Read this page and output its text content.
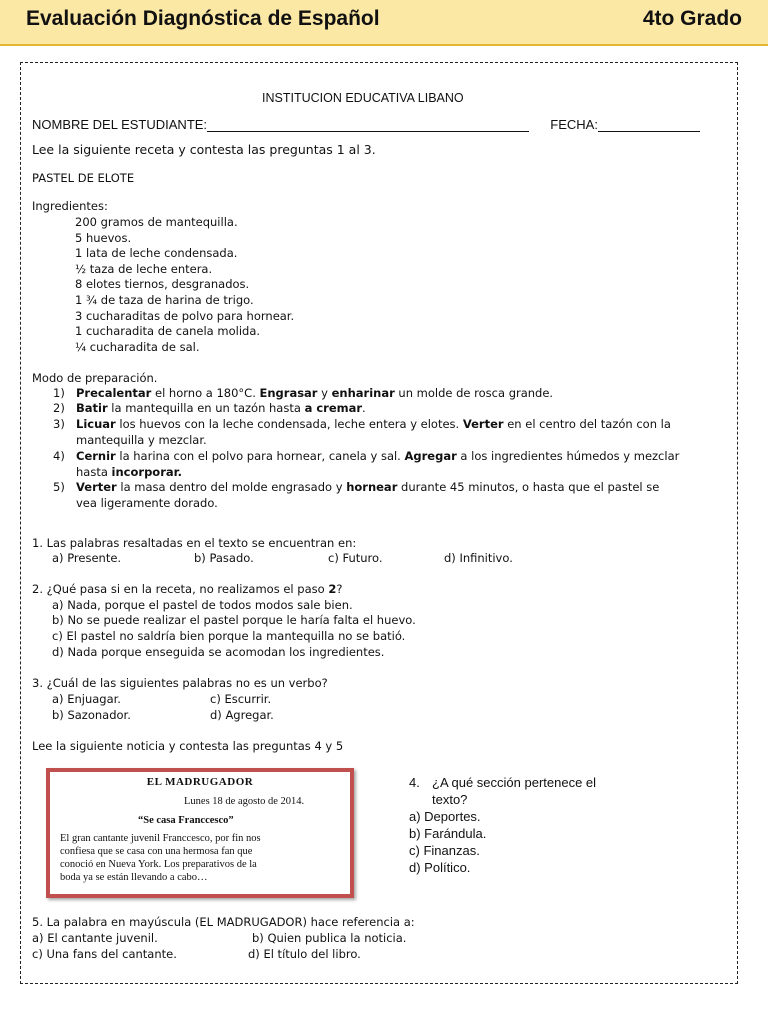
Evaluación Diagnóstica de Español	4to Grado
INSTITUCION EDUCATIVA LIBANO
NOMBRE DEL ESTUDIANTE:	FECHA:
Lee la siguiente receta y contesta las preguntas 1 al 3.
PASTEL DE ELOTE
Ingredientes:
200 gramos de mantequilla.
5 huevos.
1 lata de leche condensada.
½ taza de leche entera.
8 elotes tiernos, desgranados.
1 ¾ de taza de harina de trigo.
3 cucharaditas de polvo para hornear.
1 cucharadita de canela molida.
¼ cucharadita de sal.
Modo de preparación.
1) Precalentar el horno a 180°C. Engrasar y enharinar un molde de rosca grande.
2) Batir la mantequilla en un tazón hasta a cremar.
3) Licuar los huevos con la leche condensada, leche entera y elotes. Verter en el centro del tazón con la
mantequilla y mezclar.
4) Cernir la harina con el polvo para hornear, canela y sal. Agregar a los ingredientes húmedos y mezclar
hasta incorporar.
5) Verter la masa dentro del molde engrasado y hornear durante 45 minutos, o hasta que el pastel se
vea ligeramente dorado.
1. Las palabras resaltadas en el texto se encuentran en:
a) Presente.	b) Pasado.	c) Futuro.	d) Infinitivo.
2. ¿Qué pasa si en la receta, no realizamos el paso 2?
a) Nada, porque el pastel de todos modos sale bien.
b) No se puede realizar el pastel porque le haría falta el huevo.
c) El pastel no saldría bien porque la mantequilla no se batió.
d) Nada porque enseguida se acomodan los ingredientes.
3. ¿Cuál de las siguientes palabras no es un verbo?
a) Enjuagar.	c) Escurrir.
b) Sazonador.	d) Agregar.
Lee la siguiente noticia y contesta las preguntas 4 y 5
EL MADRUGADOR
Lunes 18 de agosto de 2014.
“Se casa Franccesco”
El gran cantante juvenil Franccesco, por fin nos
confiesa que se casa con una hermosa fan que
conoció en Nueva York. Los preparativos de la
boda ya se están llevando a cabo…
4. ¿A qué sección pertenece el
texto?
a) Deportes.
b) Farándula.
c) Finanzas.
d) Político.
5. La palabra en mayúscula (EL MADRUGADOR) hace referencia a:
a) El cantante juvenil.	b) Quien publica la noticia.
c) Una fans del cantante.	d) El título del libro.
